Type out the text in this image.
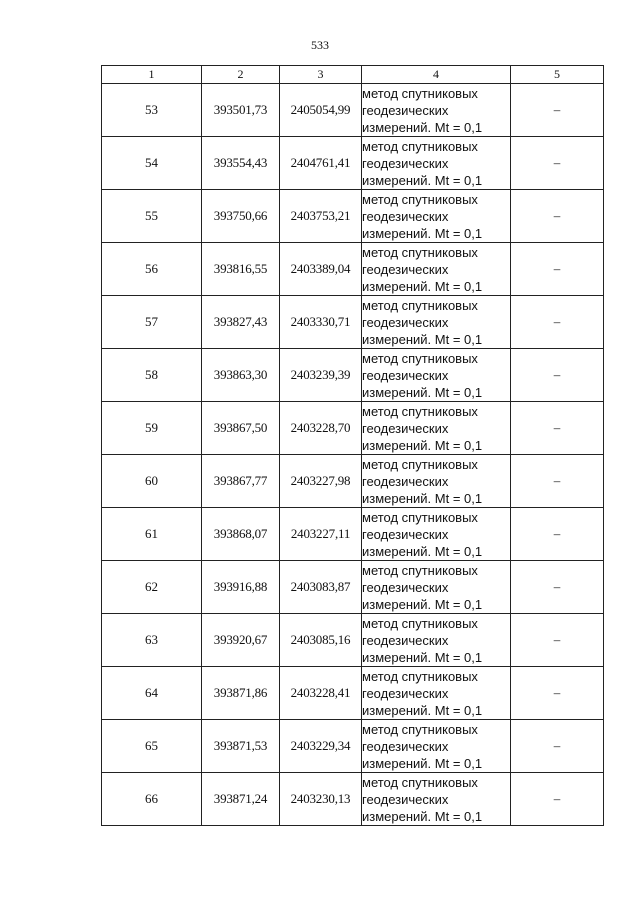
533
1	2	3	4	5
53	393501,73	2405054,99	метод спутниковых
геодезических
измерений. Mt = 0,1	–
54	393554,43	2404761,41	метод спутниковых
геодезических
измерений. Mt = 0,1	–
55	393750,66	2403753,21	метод спутниковых
геодезических
измерений. Mt = 0,1	–
56	393816,55	2403389,04	метод спутниковых
геодезических
измерений. Mt = 0,1	–
57	393827,43	2403330,71	метод спутниковых
геодезических
измерений. Mt = 0,1	–
58	393863,30	2403239,39	метод спутниковых
геодезических
измерений. Mt = 0,1	–
59	393867,50	2403228,70	метод спутниковых
геодезических
измерений. Mt = 0,1	–
60	393867,77	2403227,98	метод спутниковых
геодезических
измерений. Mt = 0,1	–
61	393868,07	2403227,11	метод спутниковых
геодезических
измерений. Mt = 0,1	–
62	393916,88	2403083,87	метод спутниковых
геодезических
измерений. Mt = 0,1	–
63	393920,67	2403085,16	метод спутниковых
геодезических
измерений. Mt = 0,1	–
64	393871,86	2403228,41	метод спутниковых
геодезических
измерений. Mt = 0,1	–
65	393871,53	2403229,34	метод спутниковых
геодезических
измерений. Mt = 0,1	–
66	393871,24	2403230,13	метод спутниковых
геодезических
измерений. Mt = 0,1	–
